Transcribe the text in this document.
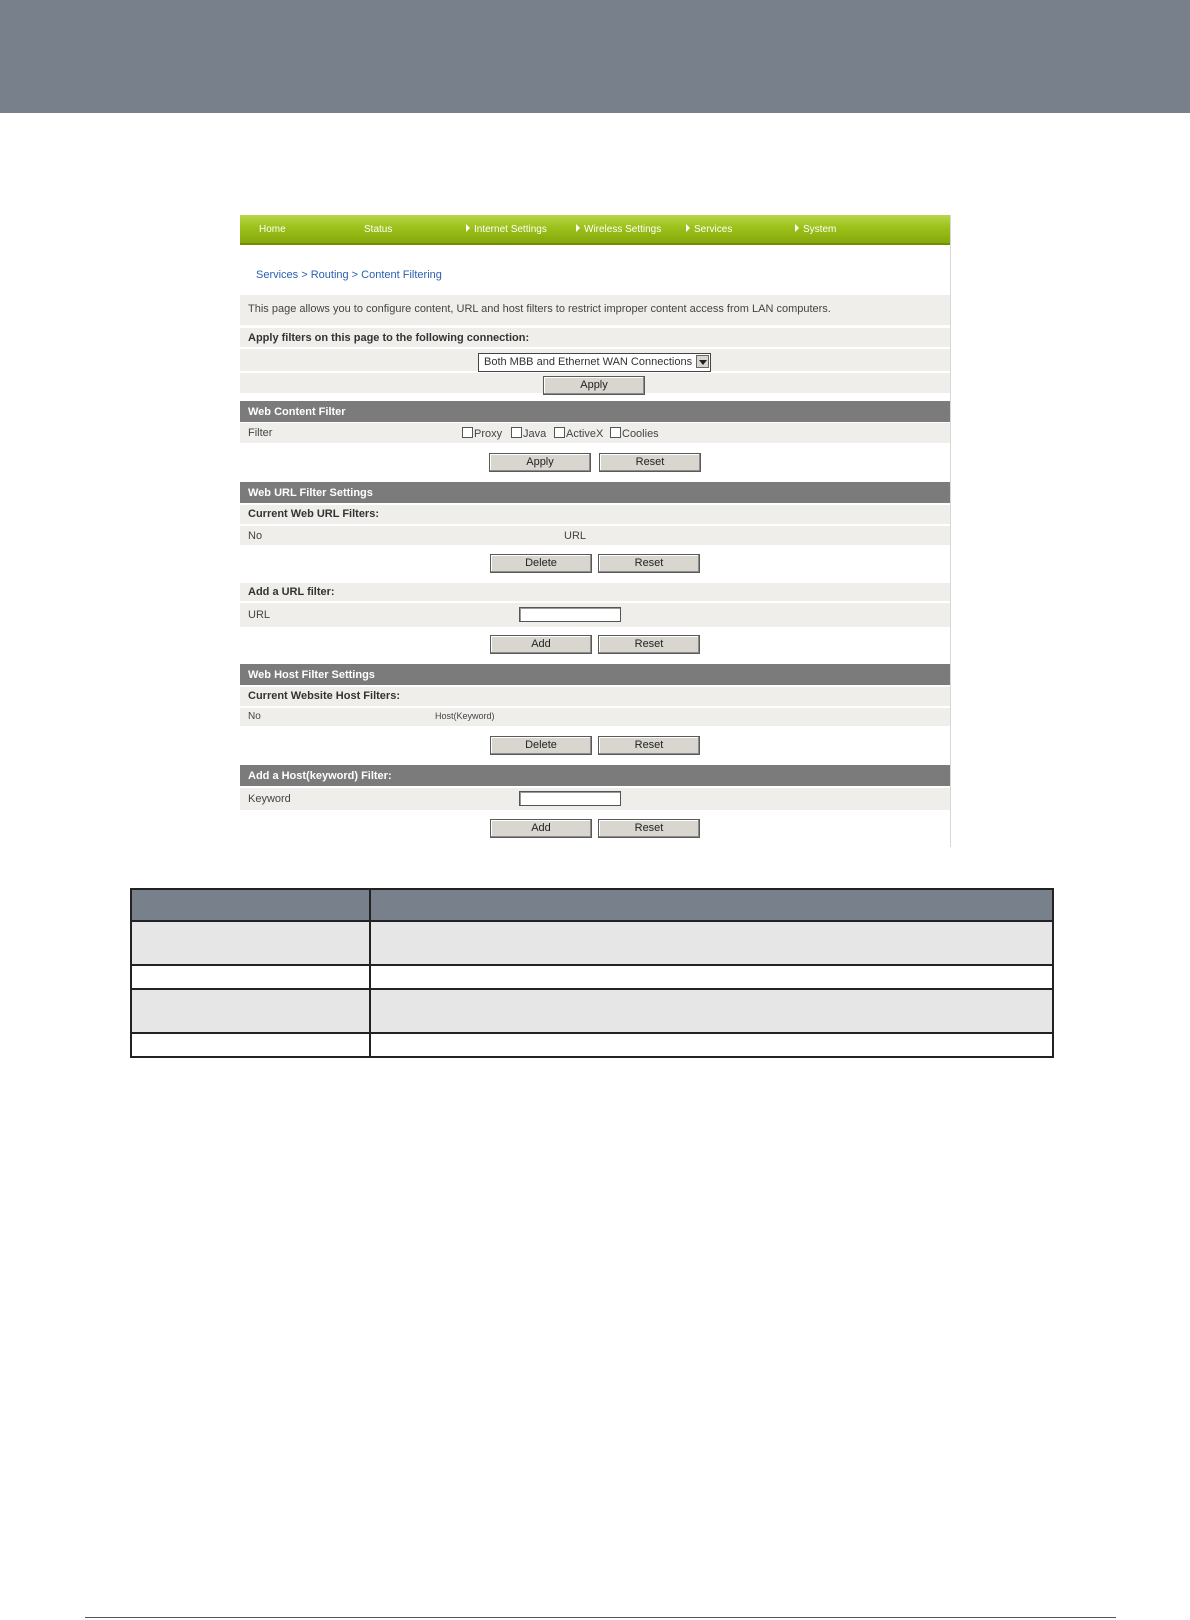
Home	Status	Internet Settings	Wireless Settings	Services	System
Services > Routing > Content Filtering
This page allows you to configure content, URL and host filters to restrict improper content access from LAN computers.
Apply filters on this page to the following connection:
Both MBB and Ethernet WAN Connections
Apply
Web Content Filter
Filter	Proxy Java ActiveX Coolies
Apply	Reset
Web URL Filter Settings
Current Web URL Filters:
No	URL
Delete	Reset
Add a URL filter:
URL
Add	Reset
Web Host Filter Settings
Current Website Host Filters:
No	Host(Keyword)
Delete	Reset
Add a Host(keyword) Filter:
Keyword
Add	Reset
